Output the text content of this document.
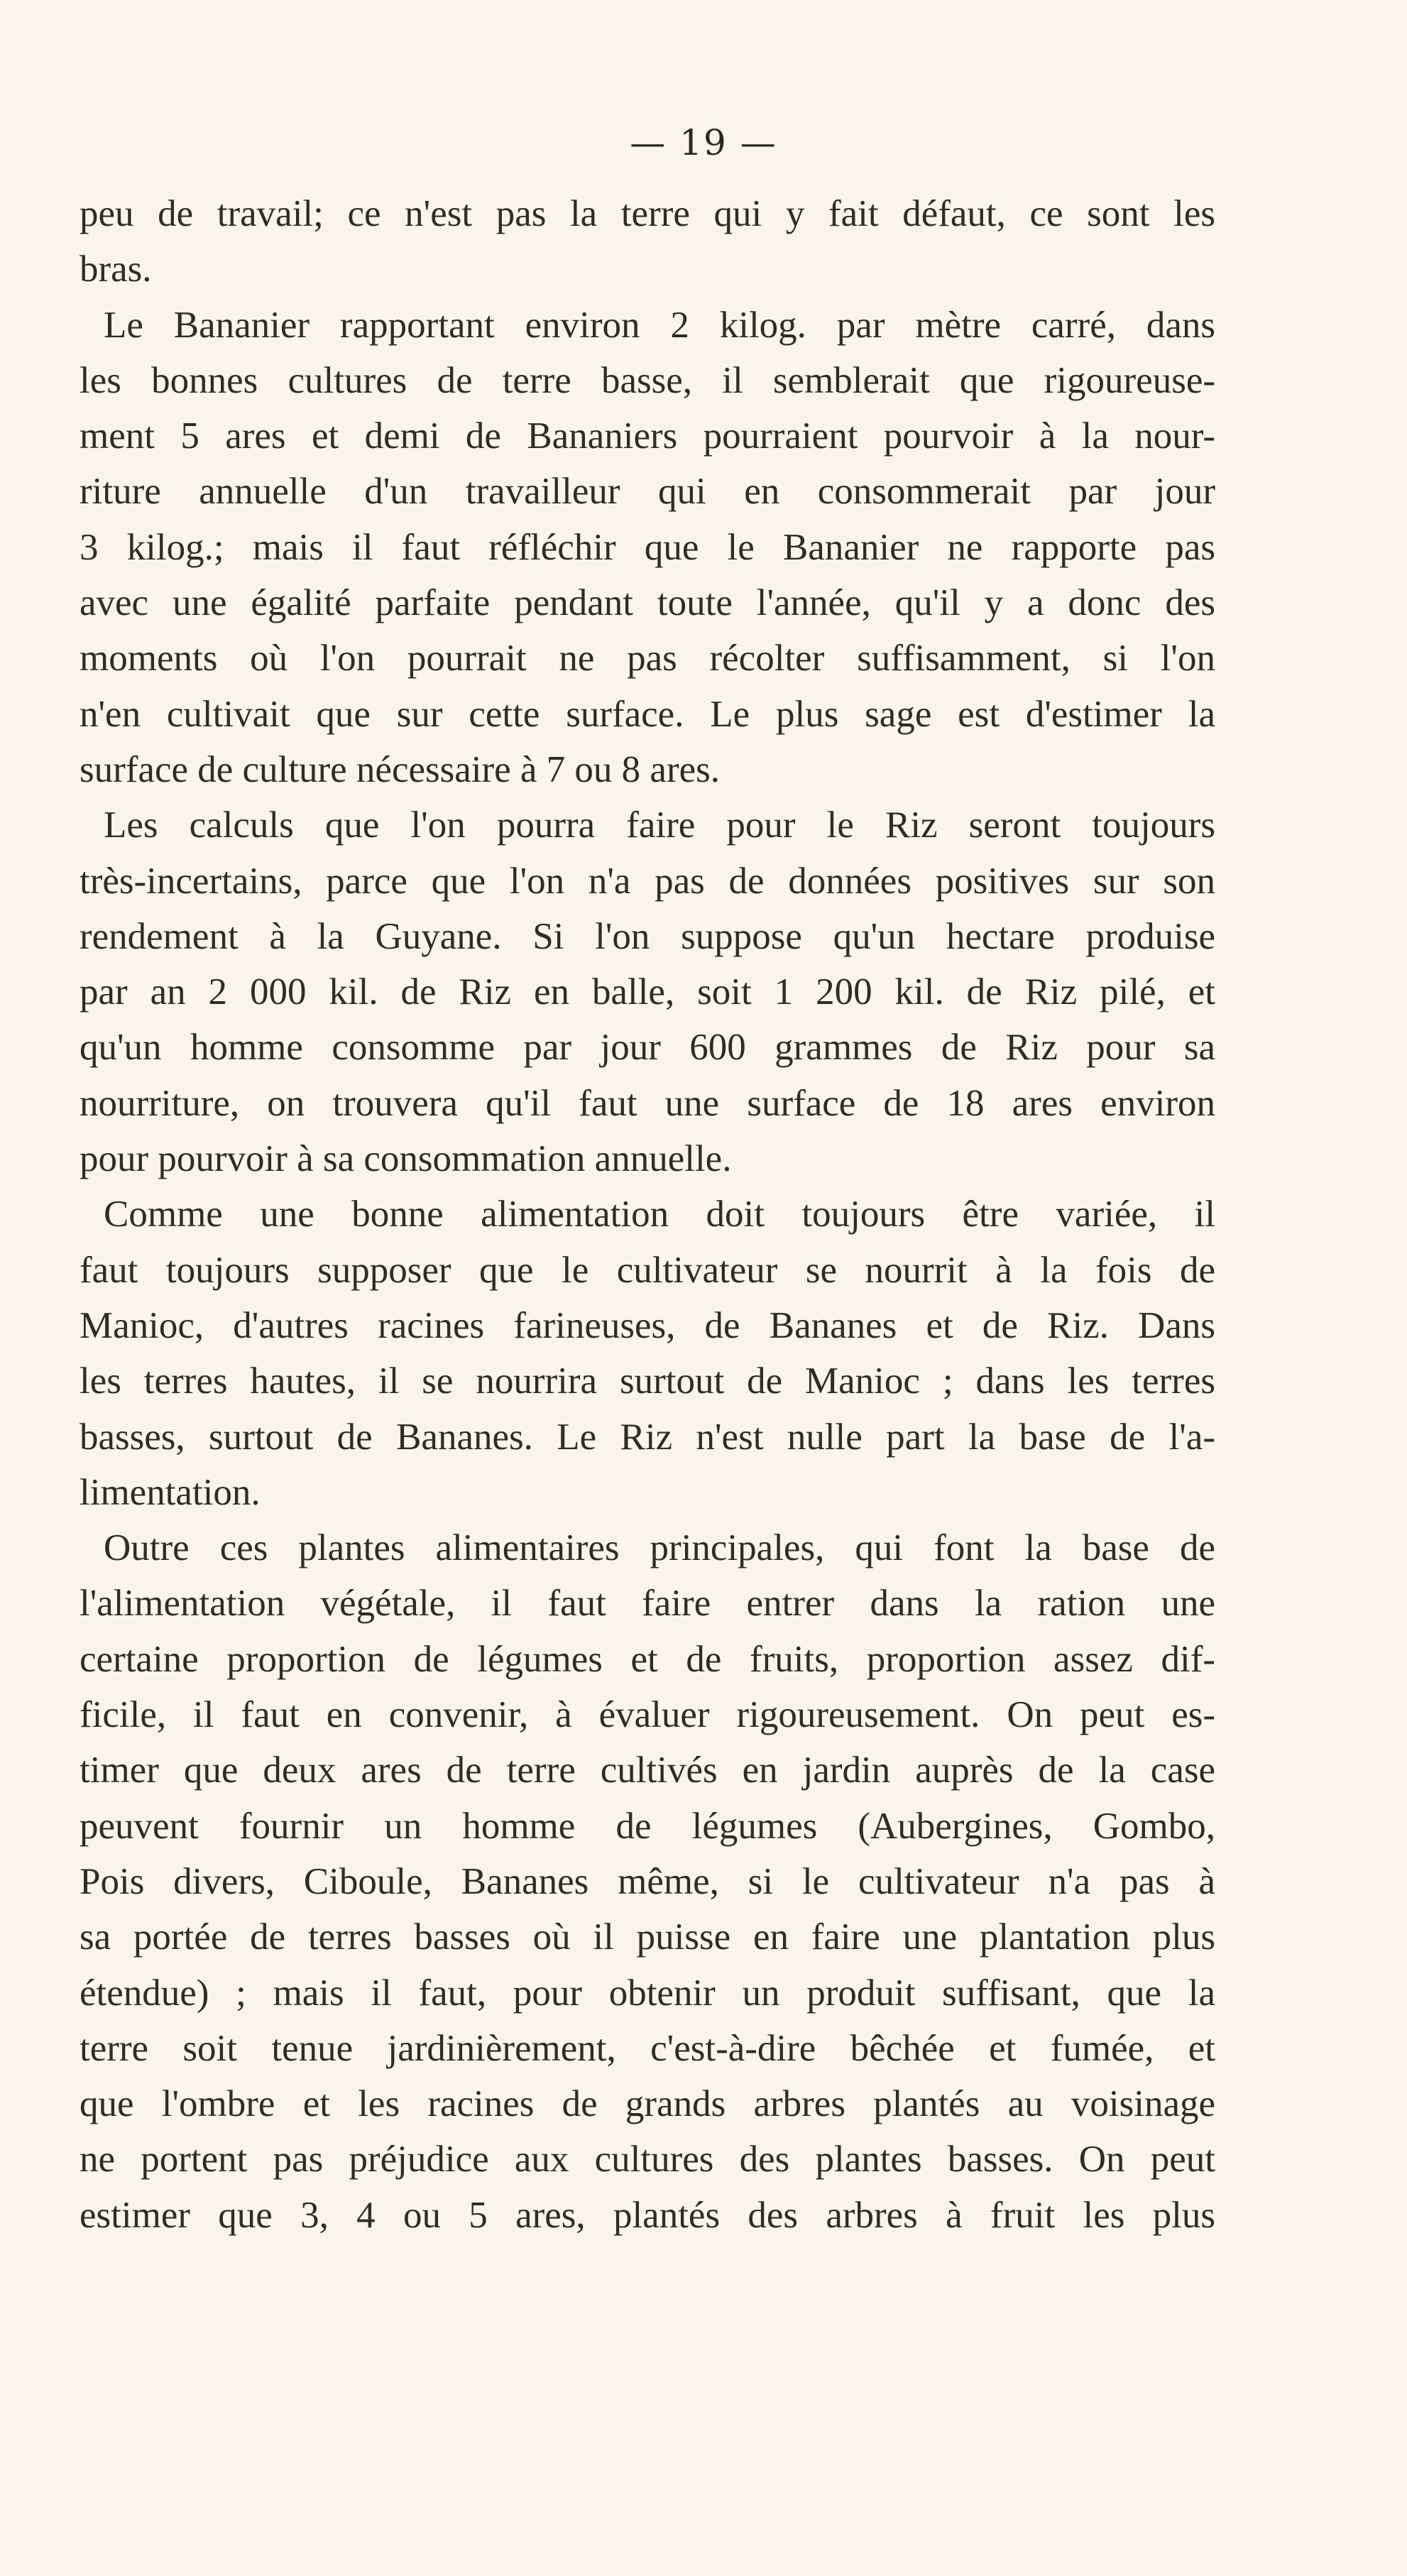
— 19 —
peu de travail; ce n'est pas la terre qui y fait défaut, ce sont les
bras.
Le Bananier rapportant environ 2 kilog. par mètre carré, dans
les bonnes cultures de terre basse, il semblerait que rigoureuse-
ment 5 ares et demi de Bananiers pourraient pourvoir à la nour-
riture annuelle d'un travailleur qui en consommerait par jour
3 kilog.; mais il faut réfléchir que le Bananier ne rapporte pas
avec une égalité parfaite pendant toute l'année, qu'il y a donc des
moments où l'on pourrait ne pas récolter suffisamment, si l'on
n'en cultivait que sur cette surface. Le plus sage est d'estimer la
surface de culture nécessaire à 7 ou 8 ares.
Les calculs que l'on pourra faire pour le Riz seront toujours
très-incertains, parce que l'on n'a pas de données positives sur son
rendement à la Guyane. Si l'on suppose qu'un hectare produise
par an 2 000 kil. de Riz en balle, soit 1 200 kil. de Riz pilé, et
qu'un homme consomme par jour 600 grammes de Riz pour sa
nourriture, on trouvera qu'il faut une surface de 18 ares environ
pour pourvoir à sa consommation annuelle.
Comme une bonne alimentation doit toujours être variée, il
faut toujours supposer que le cultivateur se nourrit à la fois de
Manioc, d'autres racines farineuses, de Bananes et de Riz. Dans
les terres hautes, il se nourrira surtout de Manioc ; dans les terres
basses, surtout de Bananes. Le Riz n'est nulle part la base de l'a-
limentation.
Outre ces plantes alimentaires principales, qui font la base de
l'alimentation végétale, il faut faire entrer dans la ration une
certaine proportion de légumes et de fruits, proportion assez dif-
ficile, il faut en convenir, à évaluer rigoureusement. On peut es-
timer que deux ares de terre cultivés en jardin auprès de la case
peuvent fournir un homme de légumes (Aubergines, Gombo,
Pois divers, Ciboule, Bananes même, si le cultivateur n'a pas à
sa portée de terres basses où il puisse en faire une plantation plus
étendue) ; mais il faut, pour obtenir un produit suffisant, que la
terre soit tenue jardinièrement, c'est-à-dire bêchée et fumée, et
que l'ombre et les racines de grands arbres plantés au voisinage
ne portent pas préjudice aux cultures des plantes basses. On peut
estimer que 3, 4 ou 5 ares, plantés des arbres à fruit les plus
